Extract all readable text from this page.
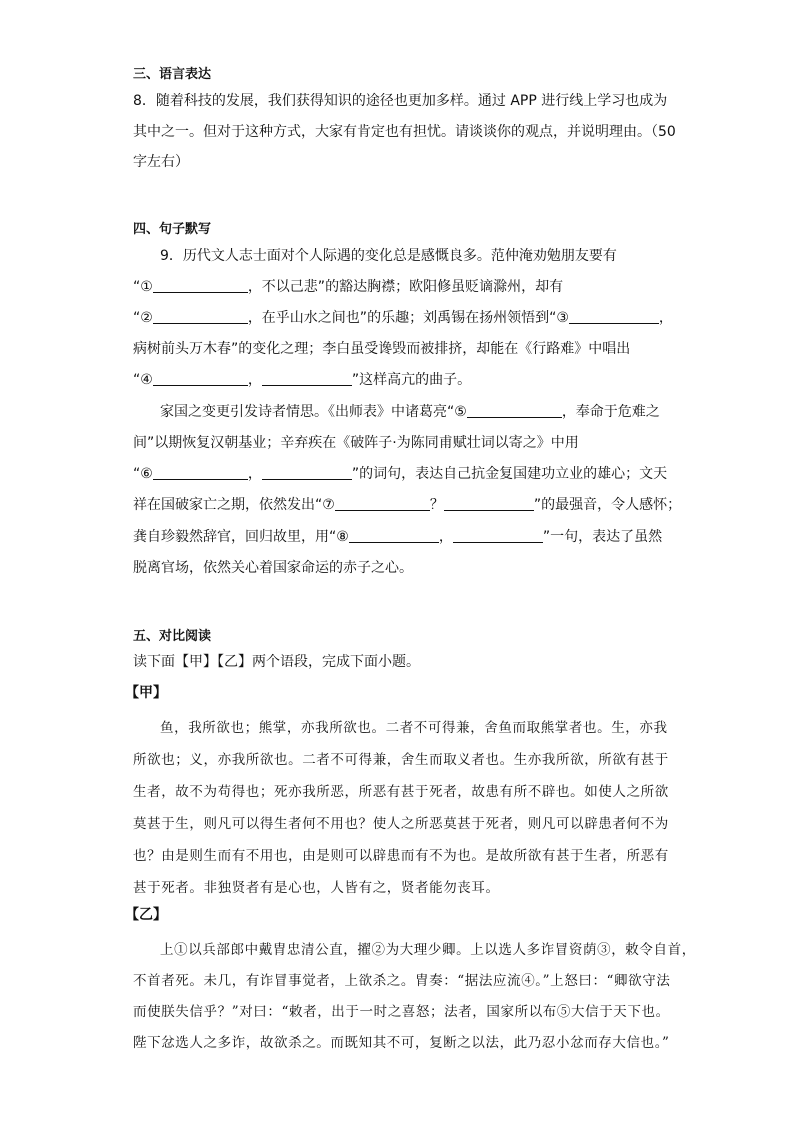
三、语言表达
8．随着科技的发展，我们获得知识的途径也更加多样。通过 APP 进行线上学习也成为
其中之一。但对于这种方式，大家有肯定也有担忧。请谈谈你的观点，并说明理由。（50
字左右）
四、句子默写
9．历代文人志士面对个人际遇的变化总是感慨良多。范仲淹劝勉朋友要有
“①	，不以己悲”的豁达胸襟；欧阳修虽贬谪滁州，却有
“②	，在乎山水之间也”的乐趣；刘禹锡在扬州领悟到“③	，
病树前头万木春”的变化之理；李白虽受谗毁而被排挤，却能在《行路难》中唱出
“④	，	”这样高亢的曲子。
家国之变更引发诗者情思。《出师表》中诸葛亮“⑤	，奉命于危难之
间”以期恢复汉朝基业；辛弃疾在《破阵子·为陈同甫赋壮词以寄之》中用
“⑥	，	”的词句，表达自己抗金复国建功立业的雄心；文天
祥在国破家亡之期，依然发出“⑦	？	”的最强音，令人感怀；
龚自珍毅然辞官，回归故里，用“⑧	，	”一句，表达了虽然
脱离官场，依然关心着国家命运的赤子之心。
五、对比阅读
读下面【甲】【乙】两个语段，完成下面小题。
【甲】
鱼，我所欲也；熊掌，亦我所欲也。二者不可得兼，舍鱼而取熊掌者也。生，亦我
所欲也；义，亦我所欲也。二者不可得兼，舍生而取义者也。生亦我所欲，所欲有甚于
生者，故不为苟得也；死亦我所恶，所恶有甚于死者，故患有所不辟也。如使人之所欲
莫甚于生，则凡可以得生者何不用也？使人之所恶莫甚于死者，则凡可以辟患者何不为
也？由是则生而有不用也，由是则可以辟患而有不为也。是故所欲有甚于生者，所恶有
甚于死者。非独贤者有是心也，人皆有之，贤者能勿丧耳。
【乙】
上①以兵部郎中戴胄忠清公直，擢②为大理少卿。上以选人多诈冒资荫③，敕令自首，
不首者死。未几，有诈冒事觉者，上欲杀之。胄奏：“据法应流④。”上怒曰：“卿欲守法
而使朕失信乎？”对曰：“敕者，出于一时之喜怒；法者，国家所以布⑤大信于天下也。
陛下忿选人之多诈，故欲杀之。而既知其不可，复断之以法，此乃忍小忿而存大信也。”
